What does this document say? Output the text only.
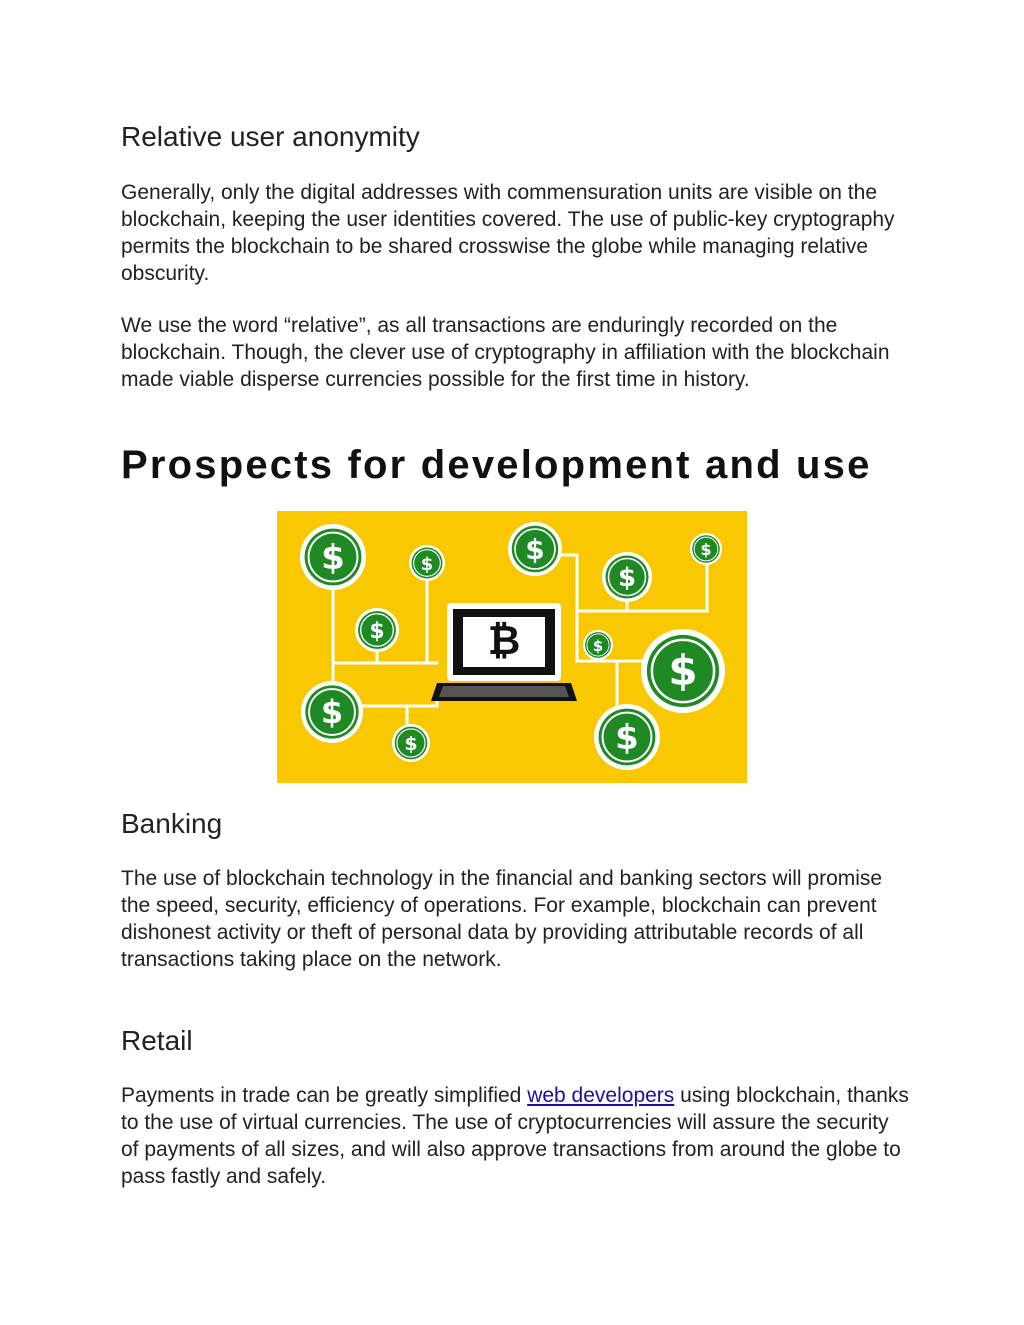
Relative user anonymity

Generally, only the digital addresses with commensuration units are visible on the blockchain, keeping the user identities covered. The use of public-key cryptography permits the blockchain to be shared crosswise the globe while managing relative obscurity.

We use the word “relative”, as all transactions are enduringly recorded on the blockchain. Though, the clever use of cryptography in affiliation with the blockchain made viable disperse currencies possible for the first time in history.

Prospects for development and use
Banking

The use of blockchain technology in the financial and banking sectors will promise the speed, security, efficiency of operations. For example, blockchain can prevent dishonest activity or theft of personal data by providing attributable records of all transactions taking place on the network.

Retail

Payments in trade can be greatly simplified web developers using blockchain, thanks to the use of virtual currencies. The use of cryptocurrencies will assure the security of payments of all sizes, and will also approve transactions from around the globe to pass fastly and safely.

₿
$	$	$
$
$
$
$ $
$
$	$
